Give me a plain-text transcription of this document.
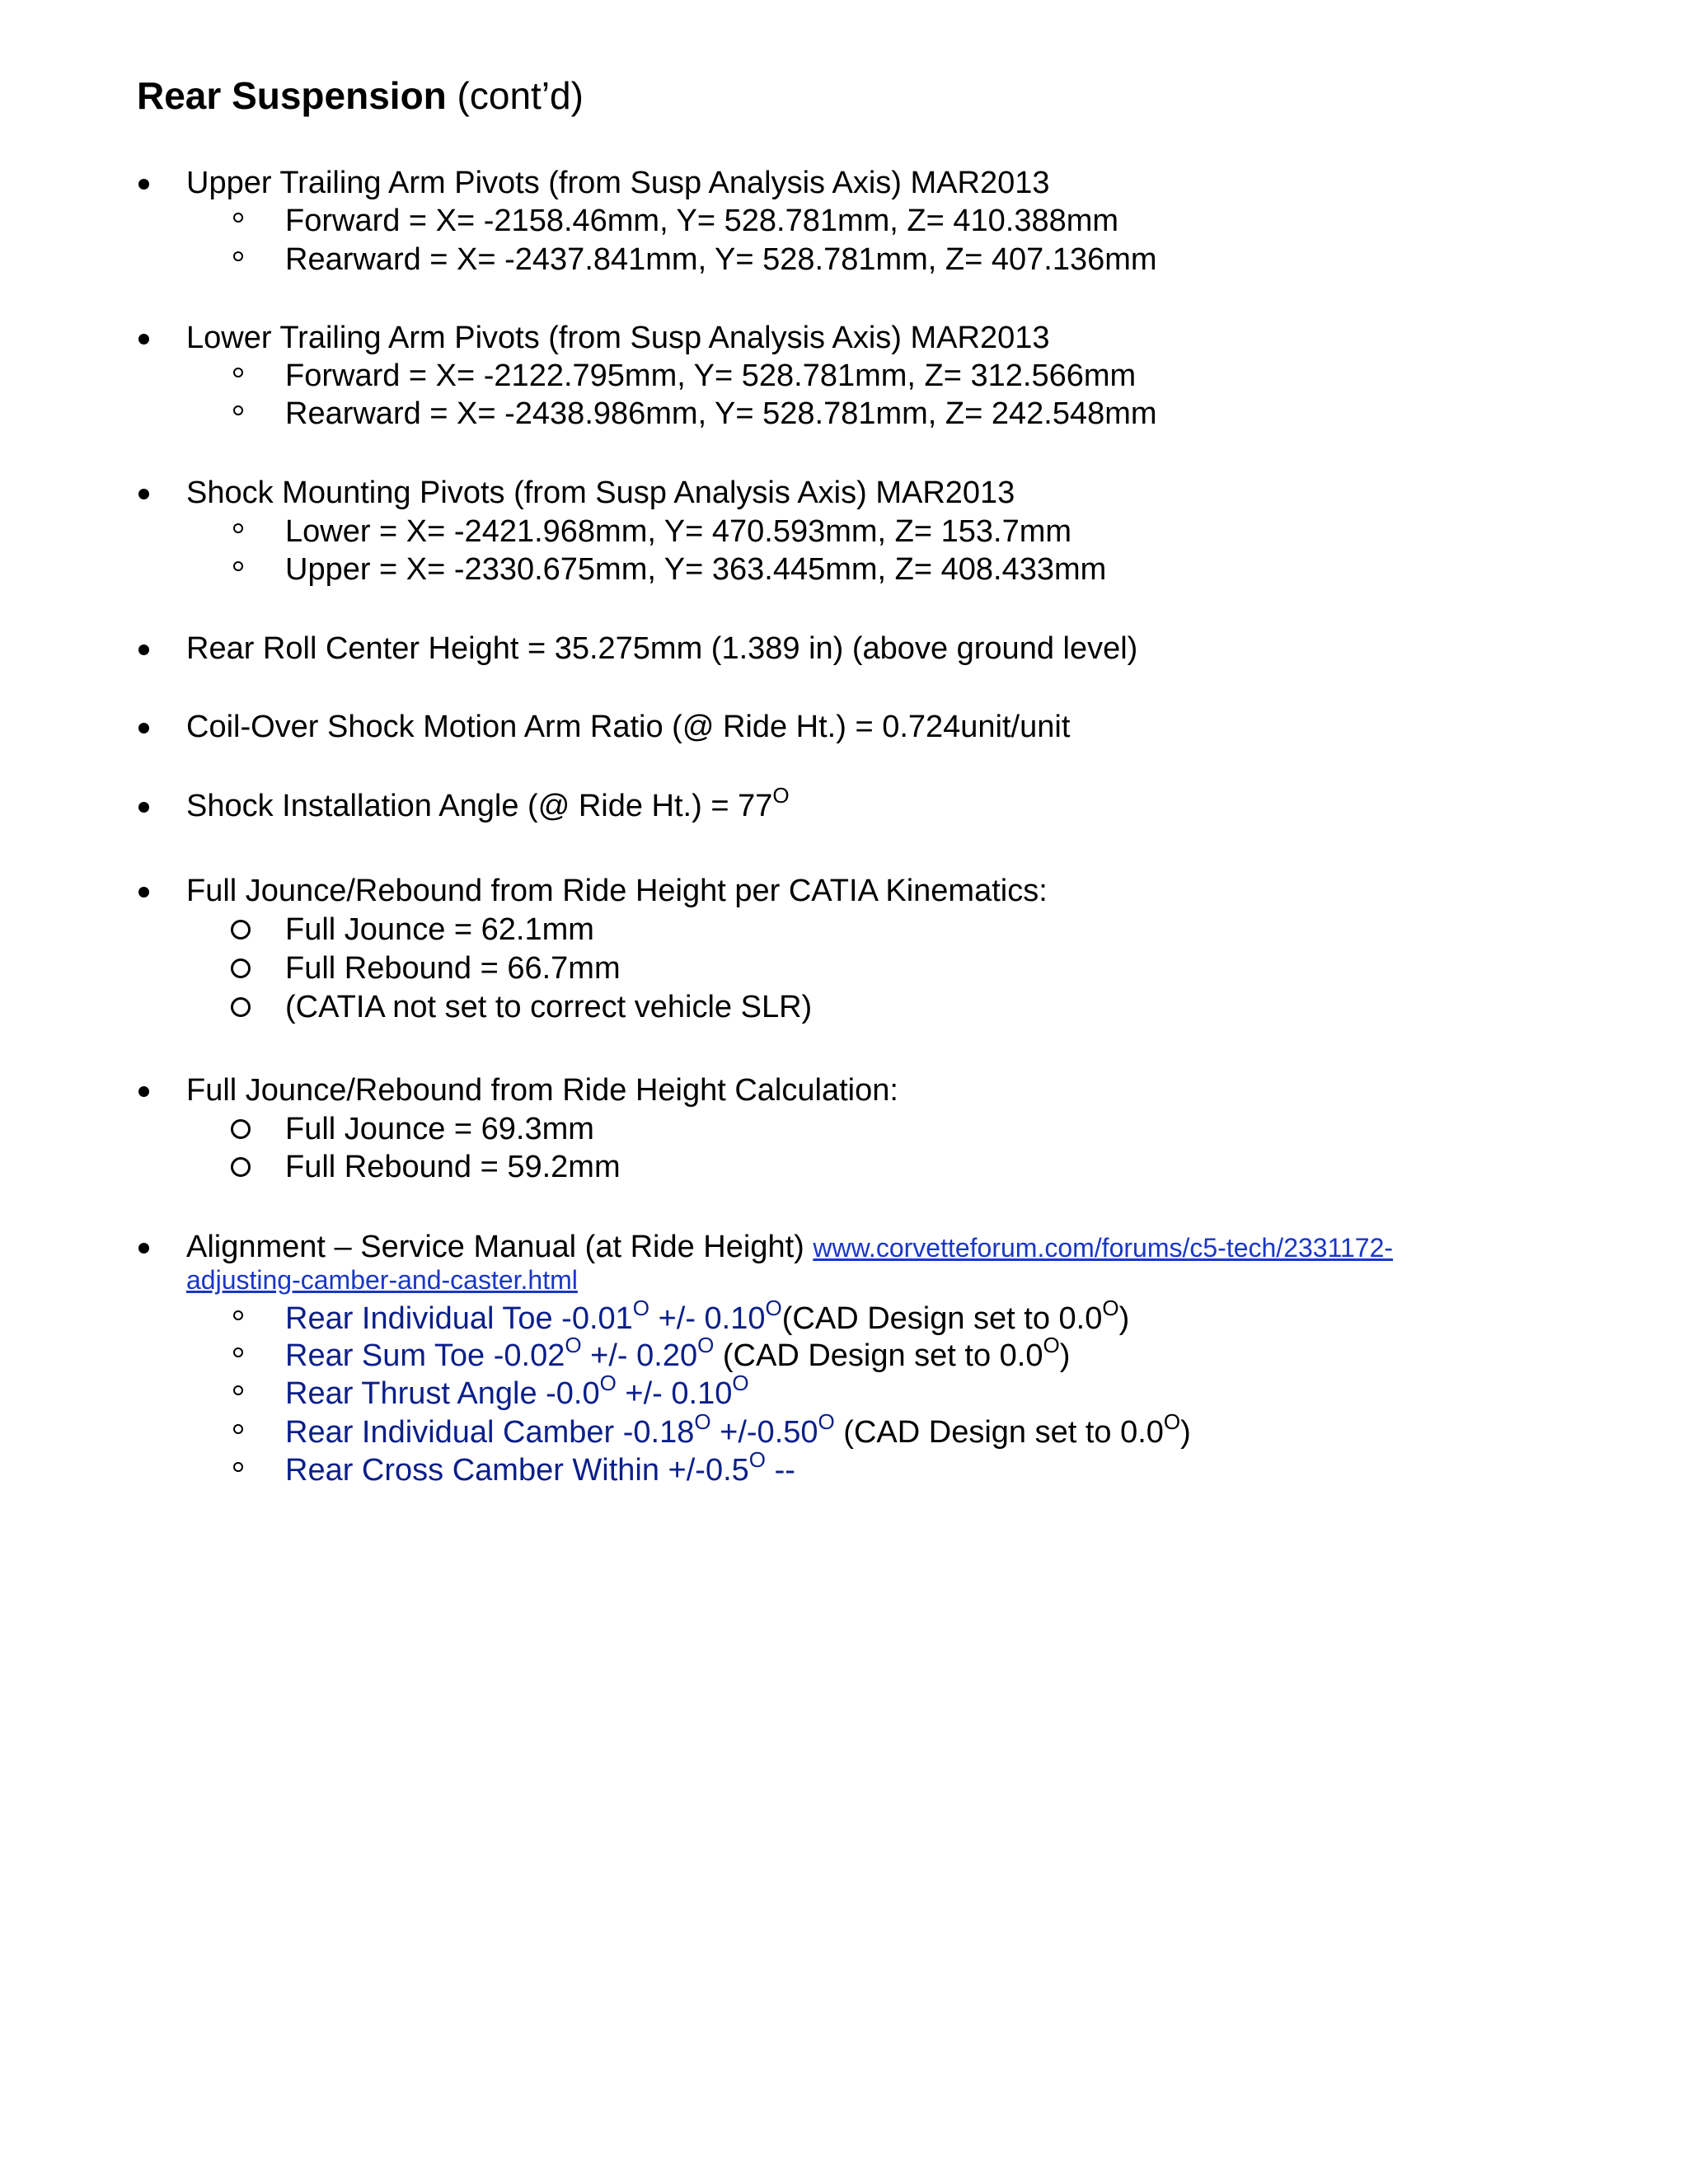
Rear Suspension (cont’d)
Upper Trailing Arm Pivots (from Susp Analysis Axis) MAR2013
Forward = X= -2158.46mm, Y= 528.781mm, Z= 410.388mm
Rearward = X= -2437.841mm, Y= 528.781mm, Z= 407.136mm
Lower Trailing Arm Pivots (from Susp Analysis Axis) MAR2013
Forward = X= -2122.795mm, Y= 528.781mm, Z= 312.566mm
Rearward = X= -2438.986mm, Y= 528.781mm, Z= 242.548mm
Shock Mounting Pivots (from Susp Analysis Axis) MAR2013
Lower = X= -2421.968mm, Y= 470.593mm, Z= 153.7mm
Upper = X= -2330.675mm, Y= 363.445mm, Z= 408.433mm
Rear Roll Center Height = 35.275mm (1.389 in) (above ground level)
Coil-Over Shock Motion Arm Ratio (@ Ride Ht.) = 0.724unit/unit
Shock Installation Angle (@ Ride $Ht.) = 77^O$
Full Jounce/Rebound from Ride Height per CATIA Kinematics:
Full Jounce = 62.1mm
Full Rebound = 66.7mm
(CATIA not set to correct vehicle SLR)
Full Jounce/Rebound from Ride Height Calculation:
Full Jounce = 69.3mm
Full Rebound = 59.2mm
Alignment – Service Manual (at Ride Height) www.corvetteforum.com/forums/c5-tech/2331172-
adjusting-camber-and-caster.html
Rear Individual Toe $-0.01^O$ +/- $0.10^O(CAD$ Design set to $0.0^O$)
Rear Sum Toe $-0.02^O$ +/- $0.20^O$ (CAD Design set to $0.0^O$)
Rear Thrust Angle $-0.0^O$ +/- $0.10^O$
Rear Individual Camber $-0.18^O +/-0.50^O$ (CAD Design set to $0.0^O$)
Rear Cross Camber Within $+/-0.5^O$ --
